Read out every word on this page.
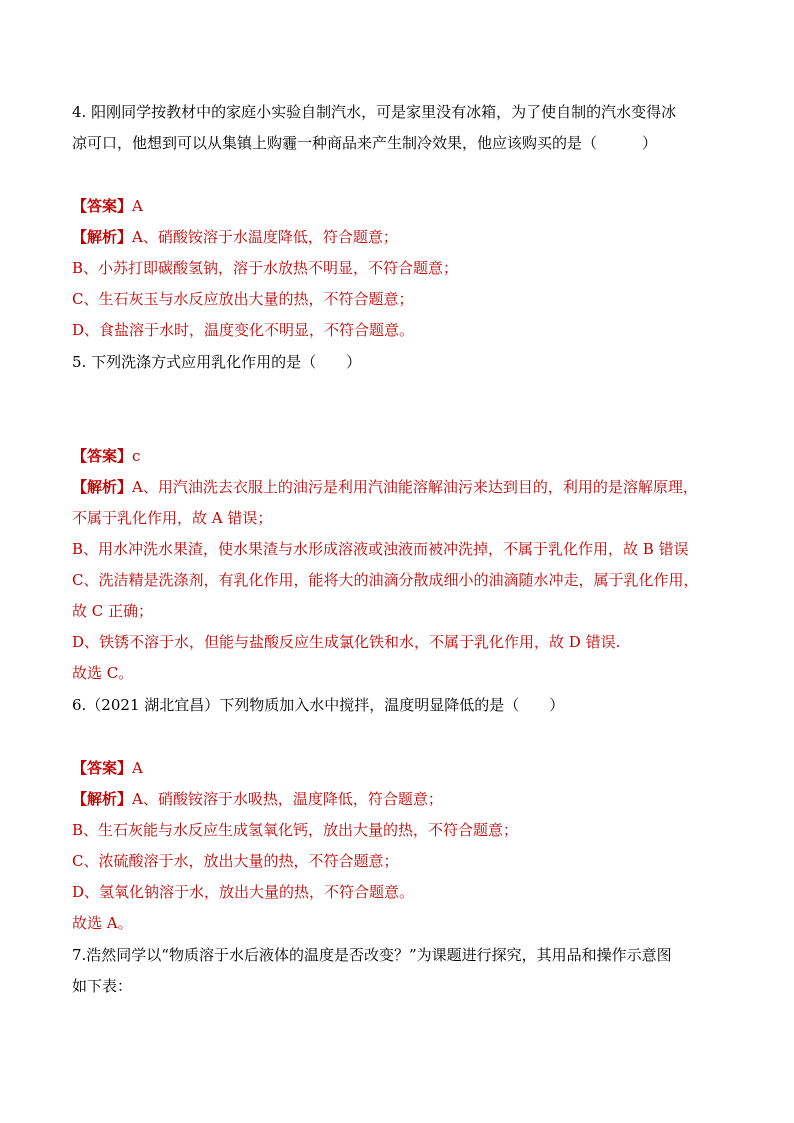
4. 阳刚同学按教材中的家庭小实验自制汽水，可是家里没有冰箱，为了使自制的汽水变得冰
凉可口，他想到可以从集镇上购霾一种商品来产生制冷效果，他应该购买的是（　　　）
【答案】A
【解析】A、硝酸铵溶于水温度降低，符合题意；
B、小苏打即碳酸氢钠，溶于水放热不明显，不符合题意；
C、生石灰玉与水反应放出大量的热，不符合题意；
D、食盐溶于水时，温度变化不明显，不符合题意。
5. 下列洗涤方式应用乳化作用的是（　　）
【答案】c
【解析】A、用汽油洗去衣服上的油污是利用汽油能溶解油污来达到目的，利用的是溶解原理，
不属于乳化作用，故 A 错误；
B、用水冲洗水果渣，使水果渣与水形成溶液或浊液而被冲洗掉，不属于乳化作用，故 B 错误
C、洗洁精是洗涤剂，有乳化作用，能将大的油滴分散成细小的油滴随水冲走，属于乳化作用，
故 C 正确；
D、铁锈不溶于水，但能与盐酸反应生成氯化铁和水，不属于乳化作用，故 D 错误.
故选 C。
6.（2021 湖北宜昌）下列物质加入水中搅拌，温度明显降低的是（　　）
【答案】A
【解析】A、硝酸铵溶于水吸热，温度降低，符合题意；
B、生石灰能与水反应生成氢氧化钙，放出大量的热，不符合题意；
C、浓硫酸溶于水，放出大量的热，不符合题意；
D、氢氧化钠溶于水，放出大量的热，不符合题意。
故选 A。
7.浩然同学以“物质溶于水后液体的温度是否改变？”为课题进行探究，其用品和操作示意图
如下表：
